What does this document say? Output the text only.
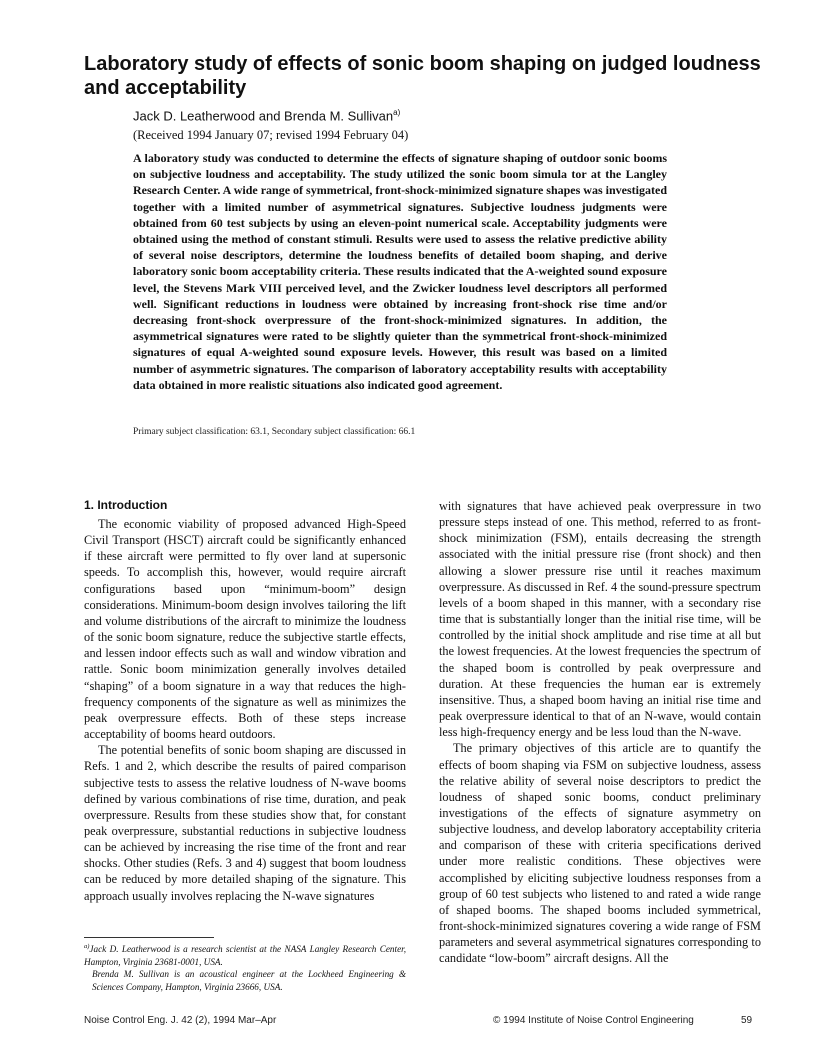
Laboratory study of effects of sonic boom shaping on judged loudness and acceptability
Jack D. Leatherwood and Brenda M. Sullivan$^{a)}$
(Received 1994 January 07; revised 1994 February 04)

A laboratory study was conducted to determine the effects of signature shaping of outdoor sonic booms on subjective loudness and acceptability. The study utilized the sonic boom simula tor at the Langley Research Center. A wide range of symmetrical, front-shock-minimized signature shapes was investigated together with a limited number of asymmetrical signatures. Subjective loudness judgments were obtained from 60 test subjects by using an eleven-point numerical scale. Acceptability judgments were obtained using the method of constant stimuli. Results were used to assess the relative predictive ability of several noise descriptors, determine the loudness benefits of detailed boom shaping, and derive laboratory sonic boom acceptability criteria. These results indicated that the A-weighted sound exposure level, the Stevens Mark VIII perceived level, and the Zwicker loudness level descriptors all performed well. Significant reductions in loudness were obtained by increasing front-shock rise time and/or decreasing front-shock overpressure of the front-shock-minimized signatures. In addition, the asymmetrical signatures were rated to be slightly quieter than the symmetrical front-shock-minimized signatures of equal A-weighted sound exposure levels. However, this result was based on a limited number of asymmetric signatures. The comparison of laboratory acceptability results with acceptability data obtained in more realistic situations also indicated good agreement.

Primary subject classification: 63.1, Secondary subject classification: 66.1
1. Introduction

The economic viability of proposed advanced High-Speed Civil Transport (HSCT) aircraft could be significantly enhanced if these aircraft were permitted to fly over land at supersonic speeds. To accomplish this, however, would require aircraft configurations based upon “minimum-boom” design considerations. Minimum-boom design involves tailoring the lift and volume distributions of the aircraft to minimize the loudness of the sonic boom signature, reduce the subjective startle effects, and lessen indoor effects such as wall and window vibration and rattle. Sonic boom minimization generally involves detailed “shaping” of a boom signature in a way that reduces the high-frequency components of the signature as well as minimizes the peak overpressure effects. Both of these steps increase acceptability of booms heard outdoors.

The potential benefits of sonic boom shaping are discussed in Refs. 1 and 2, which describe the results of paired comparison subjective tests to assess the relative loudness of N-wave booms defined by various combinations of rise time, duration, and peak overpressure. Results from these studies show that, for constant peak overpressure, substantial reductions in subjective loudness can be achieved by increasing the rise time of the front and rear shocks. Other studies (Refs. 3 and 4) suggest that boom loudness can be reduced by more detailed shaping of the signature. This approach usually involves replacing the N-wave signatures

with signatures that have achieved peak overpressure in two pressure steps instead of one. This method, referred to as front-shock minimization (FSM), entails decreasing the strength associated with the initial pressure rise (front shock) and then allowing a slower pressure rise until it reaches maximum overpressure. As discussed in Ref. 4 the sound-pressure spectrum levels of a boom shaped in this manner, with a secondary rise time that is substantially longer than the initial rise time, will be controlled by the initial shock amplitude and rise time at all but the lowest frequencies. At the lowest frequencies the spectrum of the shaped boom is controlled by peak overpressure and duration. At these frequencies the human ear is extremely insensitive. Thus, a shaped boom having an initial rise time and peak overpressure identical to that of an N-wave, would contain less high-frequency energy and be less loud than the N-wave.

The primary objectives of this article are to quantify the effects of boom shaping via FSM on subjective loudness, assess the relative ability of several noise descriptors to predict the loudness of shaped sonic booms, conduct preliminary investigations of the effects of signature asymmetry on subjective loudness, and develop laboratory acceptability criteria and comparison of these with criteria specifications derived under more realistic conditions. These objectives were accomplished by eliciting subjective loudness responses from a group of 60 test subjects who listened to and rated a wide range of shaped booms. The shaped booms included symmetrical, front-shock-minimized signatures covering a wide range of FSM parameters and several asymmetrical signatures corresponding to candidate “low-boom” aircraft designs. All the

$^{a)}$Jack D. Leatherwood is a research scientist at the NASA Langley Research Center, Hampton, Virginia 23681-0001, USA.

Brenda M. Sullivan is an acoustical engineer at the Lockheed Engineering & Sciences Company, Hampton, Virginia 23666, USA.

Noise Control Eng. J. 42 (2), 1994 Mar–Apr	© 1994 Institute of Noise Control Engineering	59
